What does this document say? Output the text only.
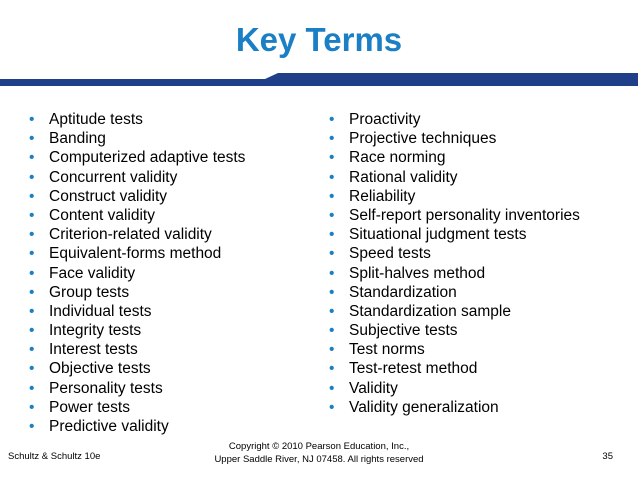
Key Terms
• Aptitude tests
• Banding
• Computerized adaptive tests
• Concurrent validity
• Construct validity
• Content validity
• Criterion-related validity
• Equivalent-forms method
• Face validity
• Group tests
• Individual tests
• Integrity tests
• Interest tests
• Objective tests
• Personality tests
• Power tests
• Predictive validity
• Proactivity
• Projective techniques
• Race norming
• Rational validity
• Reliability
• Self-report personality inventories
• Situational judgment tests
• Speed tests
• Split-halves method
• Standardization
• Standardization sample
• Subjective tests
• Test norms
• Test-retest method
• Validity
• Validity generalization
Schultz & Schultz 10e
Copyright © 2010 Pearson Education, Inc.,
Upper Saddle River, NJ 07458. All rights reserved	35
